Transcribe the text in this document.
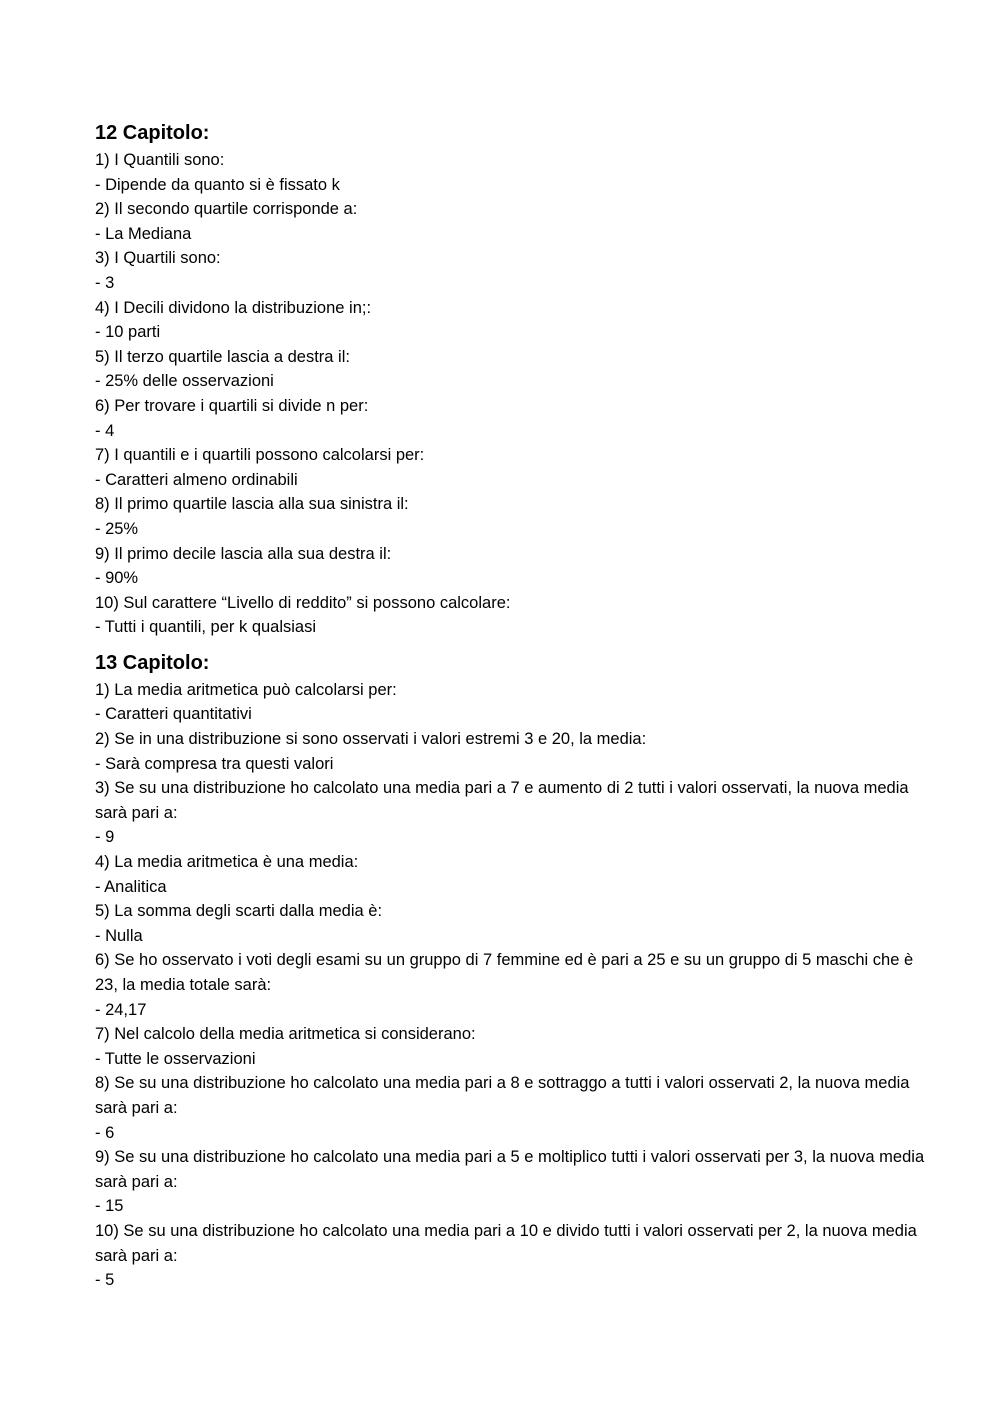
12 Capitolo:

1) I Quantili sono:

- Dipende da quanto si è fissato k

2) Il secondo quartile corrisponde a:

- La Mediana

3) I Quartili sono:

- 3

4) I Decili dividono la distribuzione in;:

- 10 parti

5) Il terzo quartile lascia a destra il:

- 25% delle osservazioni

6) Per trovare i quartili si divide n per:

- 4

7) I quantili e i quartili possono calcolarsi per:

- Caratteri almeno ordinabili

8) Il primo quartile lascia alla sua sinistra il:

- 25%

9) Il primo decile lascia alla sua destra il:

- 90%

10) Sul carattere “Livello di reddito” si possono calcolare:

- Tutti i quantili, per k qualsiasi

13 Capitolo:

1) La media aritmetica può calcolarsi per:

- Caratteri quantitativi

2) Se in una distribuzione si sono osservati i valori estremi 3 e 20, la media:

- Sarà compresa tra questi valori

3) Se su una distribuzione ho calcolato una media pari a 7 e aumento di 2 tutti i valori osservati, la nuova media sarà pari a:

- 9

4) La media aritmetica è una media:

- Analitica

5) La somma degli scarti dalla media è:

- Nulla

6) Se ho osservato i voti degli esami su un gruppo di 7 femmine ed è pari a 25 e su un gruppo di 5 maschi che è 23, la media totale sarà:

- 24,17

7) Nel calcolo della media aritmetica si considerano:

- Tutte le osservazioni

8) Se su una distribuzione ho calcolato una media pari a 8 e sottraggo a tutti i valori osservati 2, la nuova media sarà pari a:

- 6

9) Se su una distribuzione ho calcolato una media pari a 5 e moltiplico tutti i valori osservati per 3, la nuova media sarà pari a:

- 15

10) Se su una distribuzione ho calcolato una media pari a 10 e divido tutti i valori osservati per 2, la nuova media sarà pari a:

- 5
